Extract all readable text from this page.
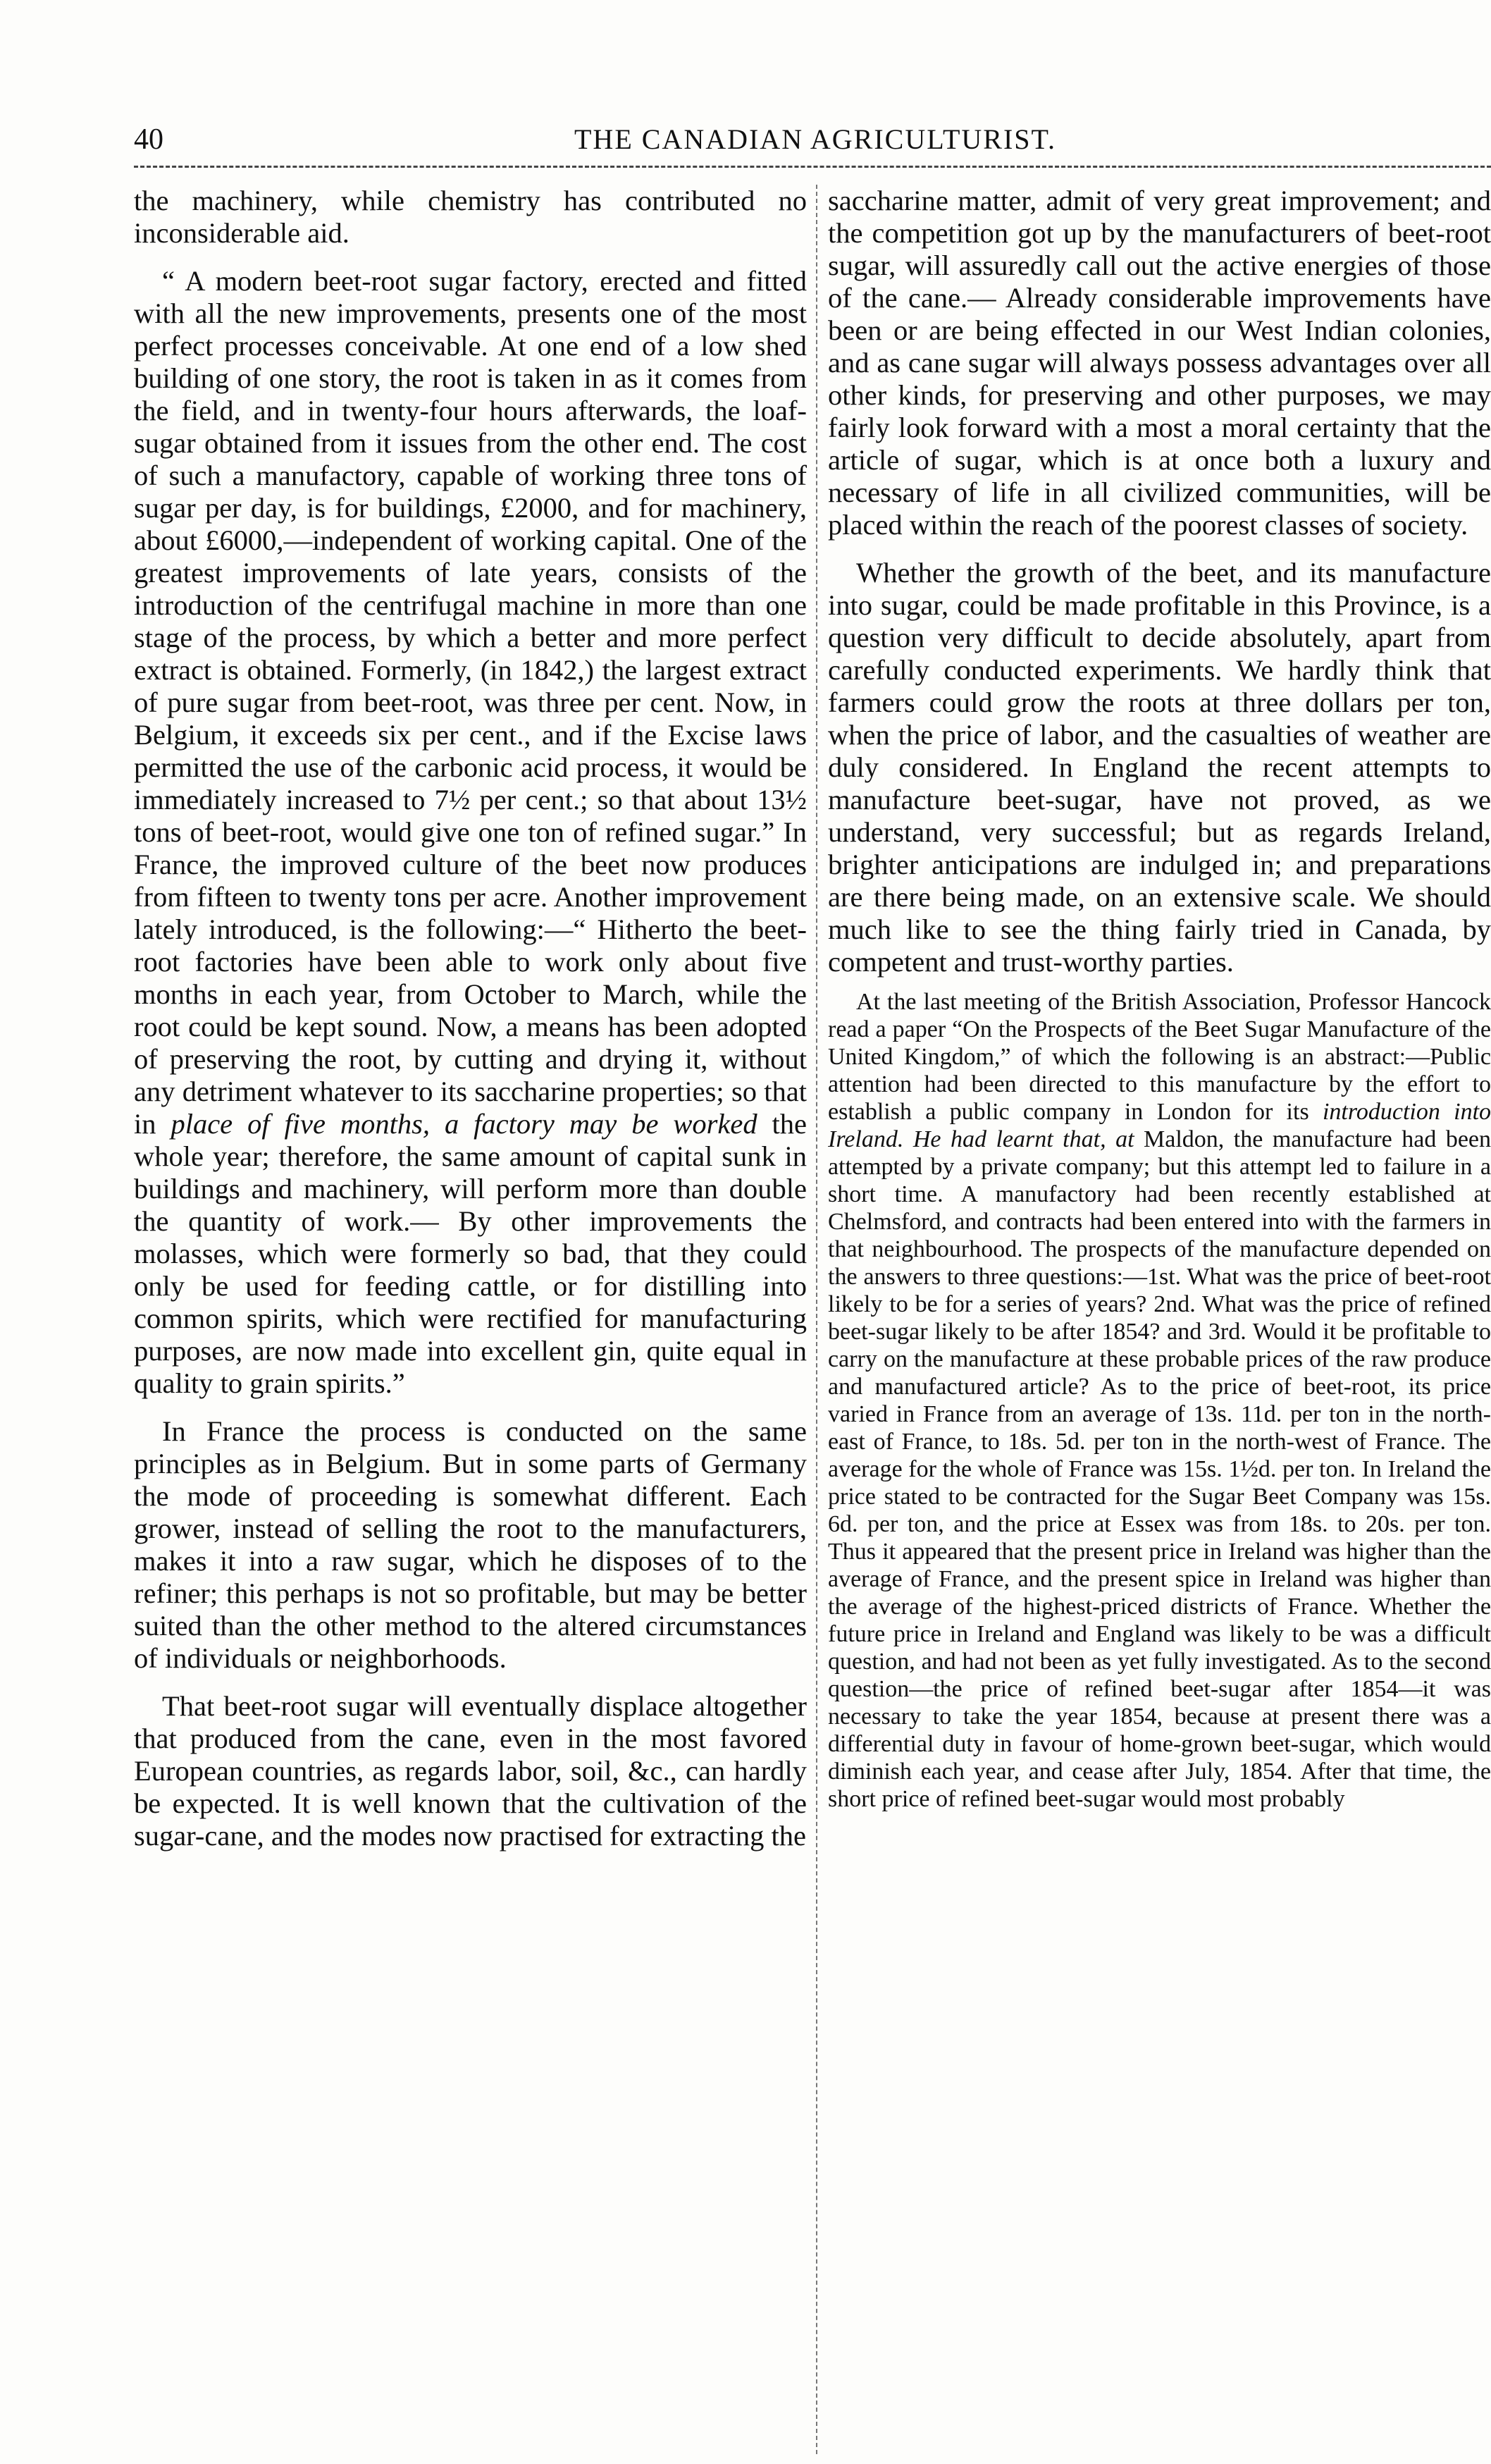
40	THE CANADIAN AGRICULTURIST.

the machinery, while chemistry has contributed no inconsiderable aid.

“ A modern beet-root sugar factory, erected and fitted with all the new improvements, presents one of the most perfect processes conceivable. At one end of a low shed building of one story, the root is taken in as it comes from the field, and in twenty-four hours afterwards, the loaf-sugar obtained from it issues from the other end. The cost of such a manufactory, capable of working three tons of sugar per day, is for buildings, £2000, and for machinery, about £6000,—independent of working capital. One of the greatest improvements of late years, consists of the introduction of the centrifugal machine in more than one stage of the process, by which a better and more perfect extract is obtained. Formerly, (in 1842,) the largest extract of pure sugar from beet-root, was three per cent. Now, in Belgium, it exceeds six per cent., and if the Excise laws permitted the use of the carbonic acid process, it would be immediately increased to 7½ per cent.; so that about 13½ tons of beet-root, would give one ton of refined sugar.” In France, the improved culture of the beet now produces from fifteen to twenty tons per acre. Another improvement lately introduced, is the following:—“ Hitherto the beet-root factories have been able to work only about five months in each year, from October to March, while the root could be kept sound. Now, a means has been adopted of preserving the root, by cutting and drying it, without any detriment whatever to its saccharine properties; so that in place of five months, a factory may be worked the whole year; therefore, the same amount of capital sunk in buildings and machinery, will perform more than double the quantity of work.— By other improvements the molasses, which were formerly so bad, that they could only be used for feeding cattle, or for distilling into common spirits, which were rectified for manufacturing purposes, are now made into excellent gin, quite equal in quality to grain spirits.”

In France the process is conducted on the same principles as in Belgium. But in some parts of Germany the mode of proceeding is somewhat different. Each grower, instead of selling the root to the manufacturers, makes it into a raw sugar, which he disposes of to the refiner; this perhaps is not so profitable, but may be better suited than the other method to the altered circumstances of individuals or neighborhoods.

That beet-root sugar will eventually displace altogether that produced from the cane, even in the most favored European countries, as regards labor, soil, &c., can hardly be expected. It is well known that the cultivation of the sugar-cane, and the modes now practised for extracting the

saccharine matter, admit of very great improvement; and the competition got up by the manufacturers of beet-root sugar, will assuredly call out the active energies of those of the cane.— Already considerable improvements have been or are being effected in our West Indian colonies, and as cane sugar will always possess advantages over all other kinds, for preserving and other purposes, we may fairly look forward with a most a moral certainty that the article of sugar, which is at once both a luxury and necessary of life in all civilized communities, will be placed within the reach of the poorest classes of society.

Whether the growth of the beet, and its manufacture into sugar, could be made profitable in this Province, is a question very difficult to decide absolutely, apart from carefully conducted experiments. We hardly think that farmers could grow the roots at three dollars per ton, when the price of labor, and the casualties of weather are duly considered. In England the recent attempts to manufacture beet-sugar, have not proved, as we understand, very successful; but as regards Ireland, brighter anticipations are indulged in; and preparations are there being made, on an extensive scale. We should much like to see the thing fairly tried in Canada, by competent and trust-worthy parties.

At the last meeting of the British Association, Professor Hancock read a paper “On the Prospects of the Beet Sugar Manufacture of the United Kingdom,” of which the following is an abstract:—Public attention had been directed to this manufacture by the effort to establish a public company in London for its introduction into Ireland. He had learnt that, at Maldon, the manufacture had been attempted by a private company; but this attempt led to failure in a short time. A manufactory had been recently established at Chelmsford, and contracts had been entered into with the farmers in that neighbourhood. The prospects of the manufacture depended on the answers to three questions:—1st. What was the price of beet-root likely to be for a series of years? 2nd. What was the price of refined beet-sugar likely to be after 1854? and 3rd. Would it be profitable to carry on the manufacture at these probable prices of the raw produce and manufactured article? As to the price of beet-root, its price varied in France from an average of 13s. 11d. per ton in the north-east of France, to 18s. 5d. per ton in the north-west of France. The average for the whole of France was 15s. 1½d. per ton. In Ireland the price stated to be contracted for the Sugar Beet Company was 15s. 6d. per ton, and the price at Essex was from 18s. to 20s. per ton. Thus it appeared that the present price in Ireland was higher than the average of France, and the present spice in Ireland was higher than the average of the highest-priced districts of France. Whether the future price in Ireland and England was likely to be was a difficult question, and had not been as yet fully investigated. As to the second question—the price of refined beet-sugar after 1854—it was necessary to take the year 1854, because at present there was a differential duty in favour of home-grown beet-sugar, which would diminish each year, and cease after July, 1854. After that time, the short price of refined beet-sugar would most probably
